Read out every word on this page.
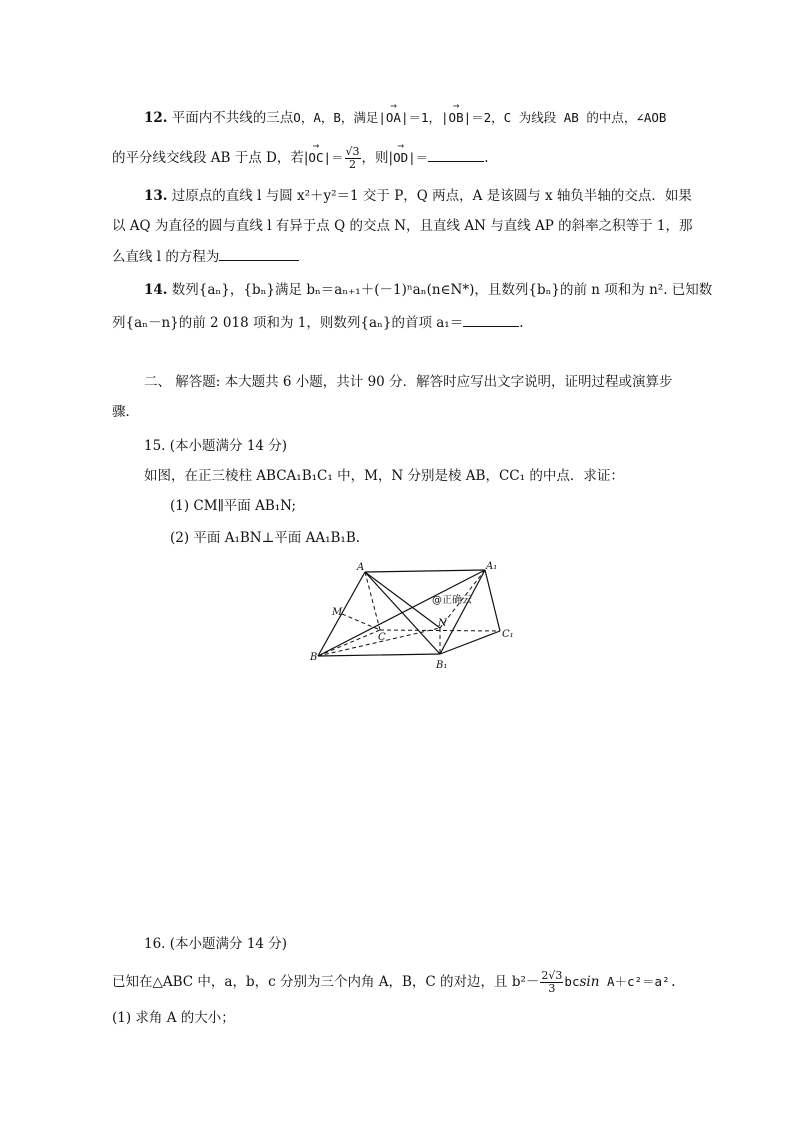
12. 平面内不共线的三点O，A，B，满足|→ OA|＝1，|→ OB|＝2，C 为线段 AB 的中点，∠AOB
的平分线交线段 AB 于点 D，若|→ $OC|= \frac{√3}{2}$ ，则|→ OD|＝	.
13. 过原点的直线 l 与圆 x²＋y²＝1 交于 P，Q 两点，A 是该圆与 x 轴负半轴的交点．如果
以 AQ 为直径的圆与直线 l 有异于点 Q 的交点 N，且直线 AN 与直线 AP 的斜率之积等于 1，那
么直线 l 的方程为
14. 数列{aₙ}，{bₙ}满足 bₙ＝aₙ₊₁＋(－1)ⁿaₙ(n∈N*)，且数列{bₙ}的前 n 项和为 n². 已知数
列{aₙ－n}的前 2 018 项和为 1，则数列{aₙ}的首项 a₁＝	.
二、 解答题: 本大题共 6 小题，共计 90 分．解答时应写出文字说明，证明过程或演算步
骤．
15. (本小题满分 14 分)
如图，在正三棱柱 ABCA₁B₁C₁ 中，M，N 分别是棱 AB，CC₁ 的中点．求证：
(1) CM∥平面 AB₁N;
(2) 平面 A₁BN⊥平面 AA₁B₁B.
A	A₁
M
C
N
C₁
B
B₁
@正确云
16. (本小题满分 14 分)
已知在△ABC 中，a，b，c 分别为三个内角 A，B，C 的对边，且 $b^2- \frac{2√3}{3}$ bcsin A＋c²＝a².
(1) 求角 A 的大小；
